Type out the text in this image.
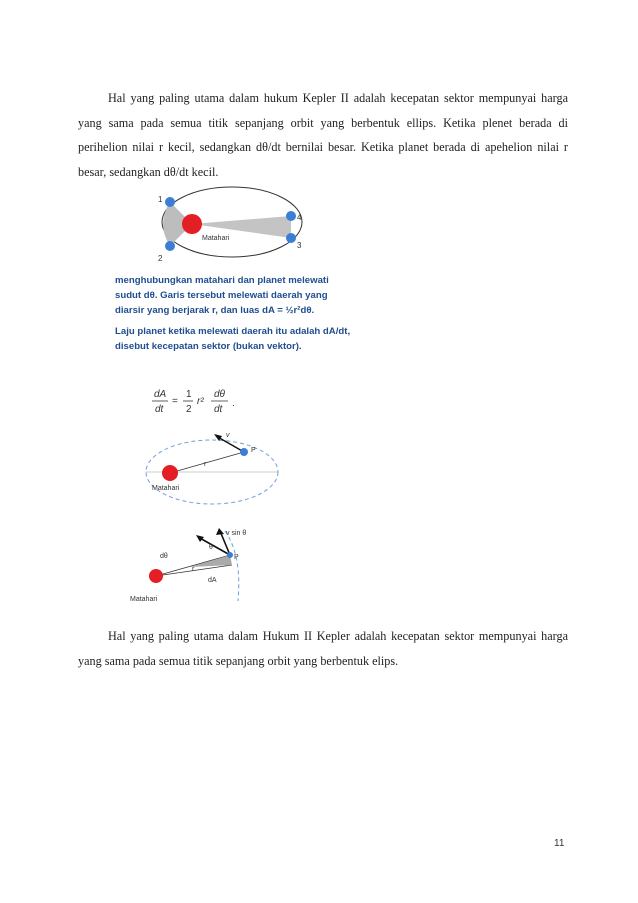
Hal yang paling utama dalam hukum Kepler II adalah kecepatan sektor mempunyai harga yang sama pada semua titik sepanjang orbit yang berbentuk ellips. Ketika plenet berada di perihelion nilai r kecil, sedangkan dθ/dt bernilai besar. Ketika planet berada di apehelion nilai r besar, sedangkan dθ/dt kecil.

1
2
3
4
Matahari

menghubungkan matahari dan planet melewati

sudut dθ. Garis tersebut melewati daerah yang

diarsir yang berjarak r, dan luas dA = ½r²dθ.

Laju planet ketika melewati daerah itu adalah dA/dt,

disebut kecepatan sektor (bukan vektor).

dA
dt
=
1
2
r²
dθ
dt
.
r
P
v
Matahari
v sin θ
dθ
θ
r
dA
P
Matahari

Hal yang paling utama dalam Hukum II Kepler adalah kecepatan sektor mempunyai harga yang sama pada semua titik sepanjang orbit yang berbentuk elips.

11
